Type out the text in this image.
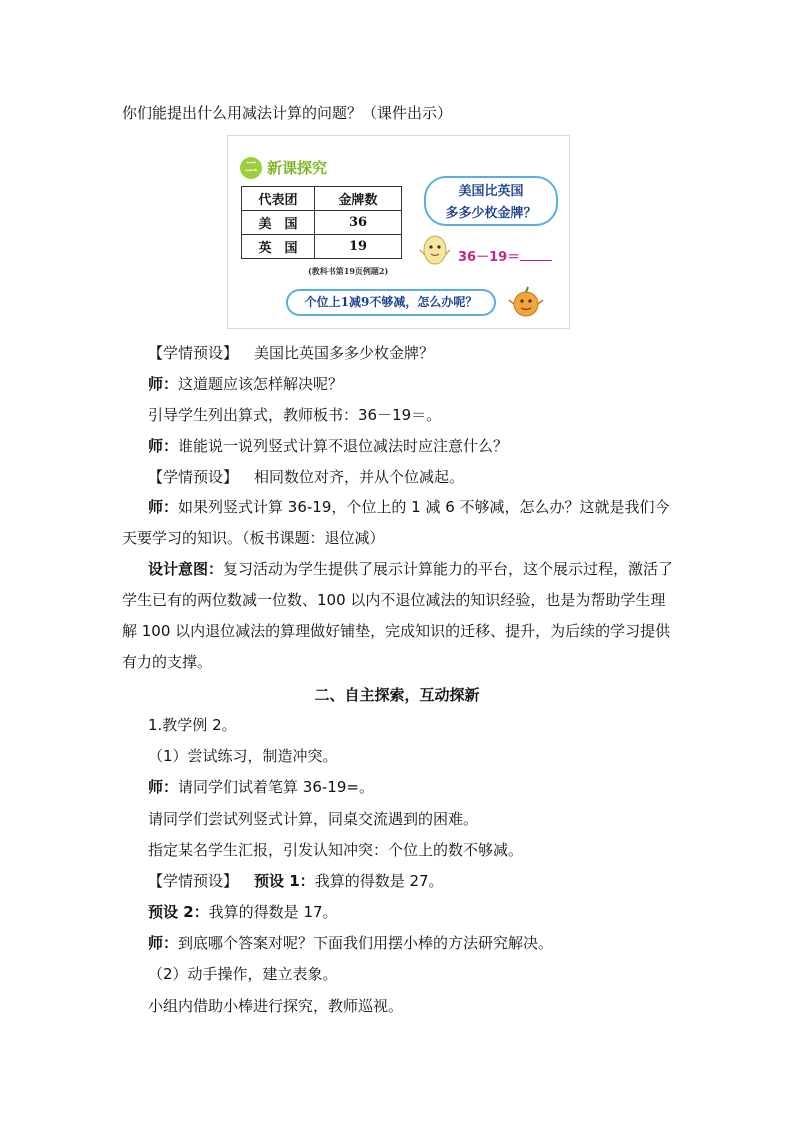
你们能提出什么用减法计算的问题？（课件出示）
二 新课探究
代表团	金牌数
美　国	36
英　国	19
(教科书第19页例题2)
美国比英国
多多少枚金牌？
36－19＝
个位上1减9不够减，怎么办呢？
【学情预设】 美国比英国多多少枚金牌？
师：这道题应该怎样解决呢？
引导学生列出算式，教师板书：36－19＝。
师：谁能说一说列竖式计算不退位减法时应注意什么？
【学情预设】 相同数位对齐，并从个位减起。
师：如果列竖式计算 36-19，个位上的 1 减 6 不够减，怎么办？这就是我们今天要学习的知识。（板书课题：退位减）
设计意图：复习活动为学生提供了展示计算能力的平台，这个展示过程，激活了学生已有的两位数减一位数、100 以内不退位减法的知识经验，也是为帮助学生理解 100 以内退位减法的算理做好铺垫，完成知识的迁移、提升，为后续的学习提供有力的支撑。
二、自主探索，互动探新
1.教学例 2。
（1）尝试练习，制造冲突。
师：请同学们试着笔算 36-19=。
请同学们尝试列竖式计算，同桌交流遇到的困难。
指定某名学生汇报，引发认知冲突：个位上的数不够减。
【学情预设】 预设 1：我算的得数是 27。
预设 2：我算的得数是 17。
师：到底哪个答案对呢？下面我们用摆小棒的方法研究解决。
（2）动手操作，建立表象。
小组内借助小棒进行探究，教师巡视。
